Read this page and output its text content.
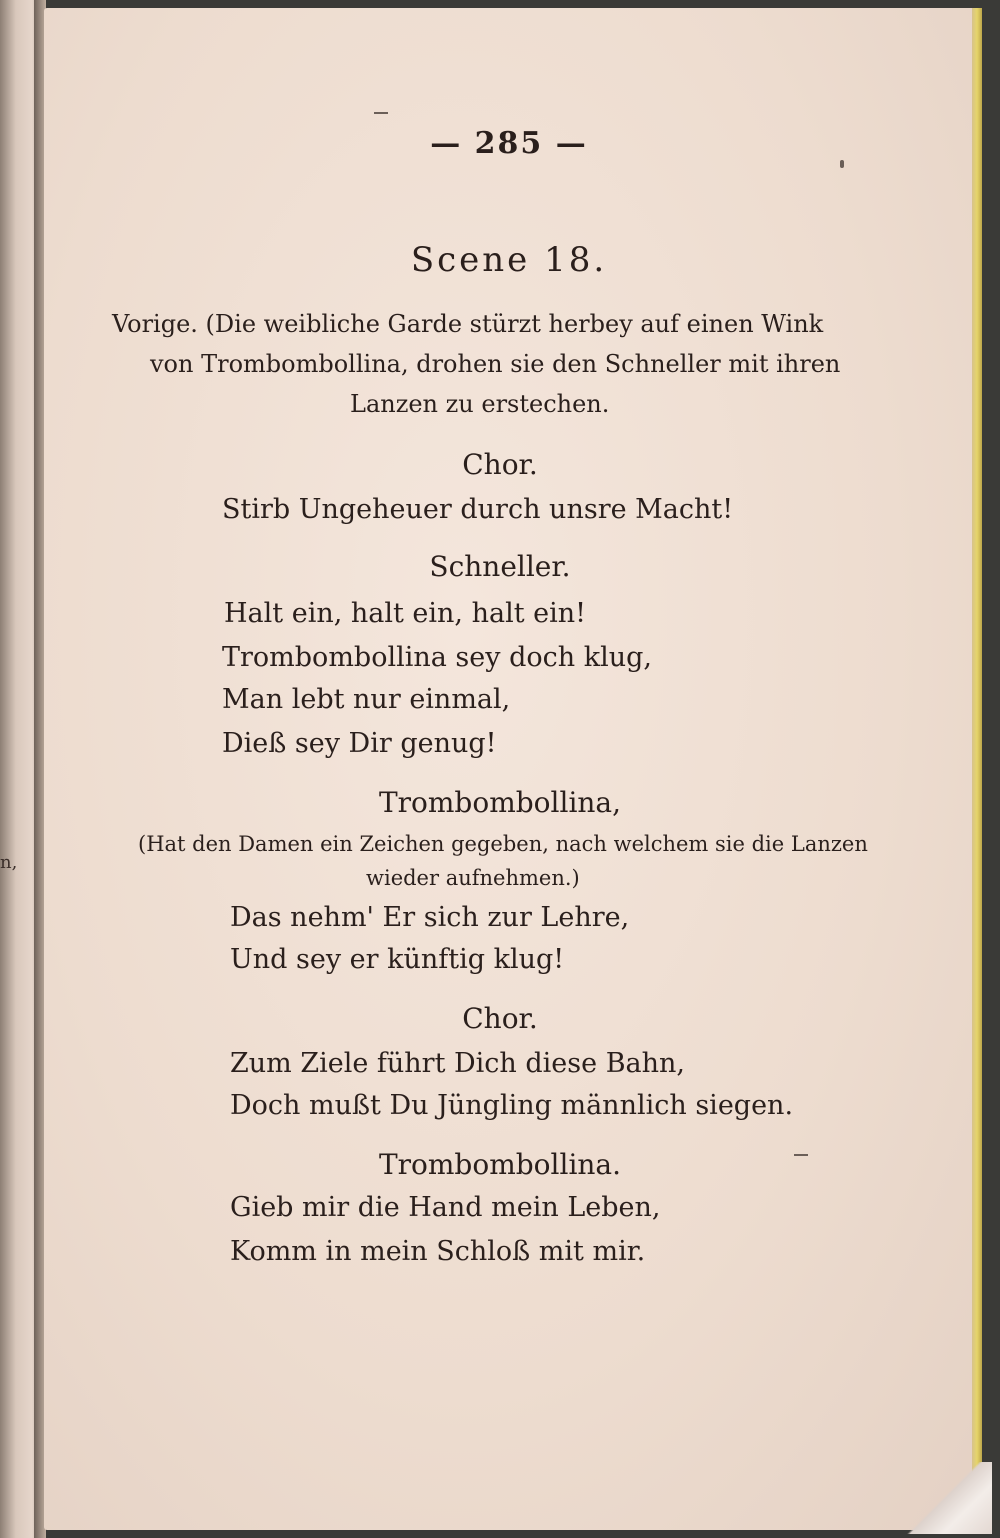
n,

— 285 —

Scene 18.

Vorige. (Die weibliche Garde stürzt herbey auf einen Wink

von Trombombollina, drohen sie den Schneller mit ihren

Lanzen zu erstechen.

Chor.

Stirb Ungeheuer durch unsre Macht!

Schneller.

Halt ein, halt ein, halt ein!

Trombombollina sey doch klug,

Man lebt nur einmal,

Dieß sey Dir genug!

Trombombollina,

(Hat den Damen ein Zeichen gegeben, nach welchem sie die Lanzen

wieder aufnehmen.)

Das nehm' Er sich zur Lehre,

Und sey er künftig klug!

Chor.

Zum Ziele führt Dich diese Bahn,

Doch mußt Du Jüngling männlich siegen.

Trombombollina.

Gieb mir die Hand mein Leben,

Komm in mein Schloß mit mir.
